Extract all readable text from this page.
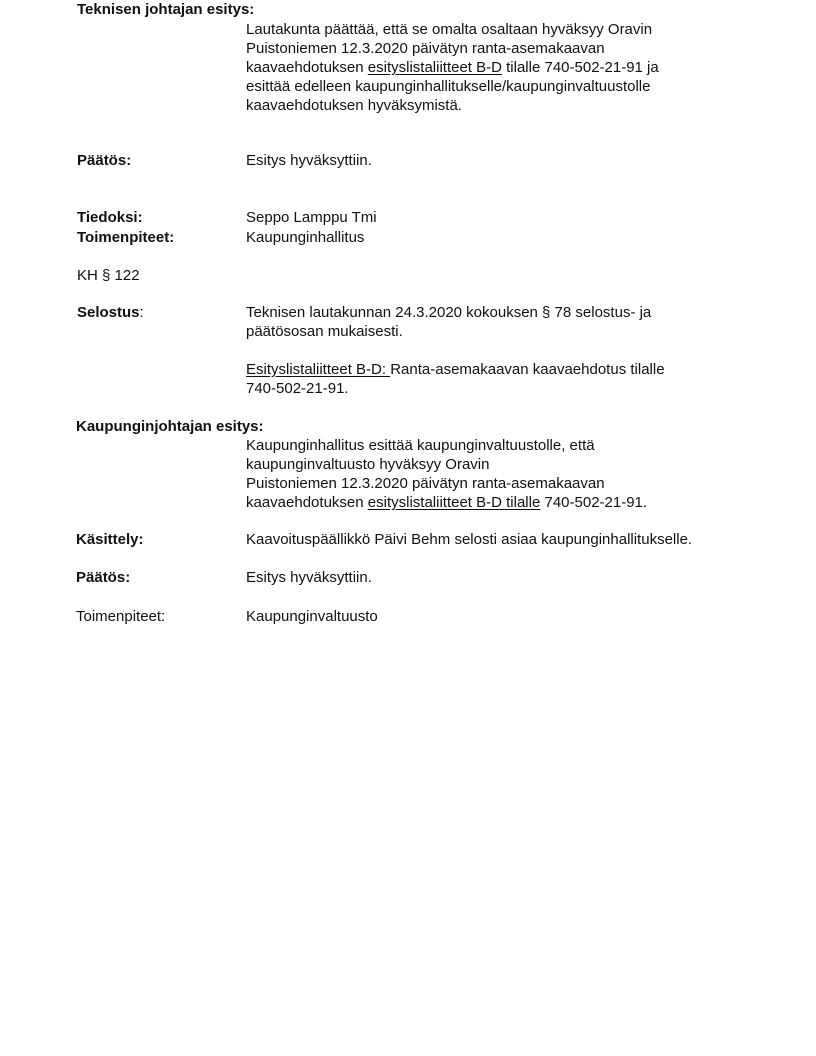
Teknisen johtajan esitys:
Lautakunta päättää, että se omalta osaltaan hyväksyy Oravin
Puistoniemen 12.3.2020 päivätyn ranta-asemakaavan
kaavaehdotuksen esityslistaliitteet B-D tilalle 740-502-21-91 ja
esittää edelleen kaupunginhallitukselle/kaupunginvaltuustolle
kaavaehdotuksen hyväksymistä.
Päätös:	Esitys hyväksyttiin.
Tiedoksi:	Seppo Lamppu Tmi
Toimenpiteet:	Kaupunginhallitus
KH § 122
Selostus:	Teknisen lautakunnan 24.3.2020 kokouksen § 78 selostus- ja
päätösosan mukaisesti.
Esityslistaliitteet B-D: Ranta-asemakaavan kaavaehdotus tilalle
740-502-21-91.
Kaupunginjohtajan esitys:
Kaupunginhallitus esittää kaupunginvaltuustolle, että
kaupunginvaltuusto hyväksyy Oravin
Puistoniemen 12.3.2020 päivätyn ranta-asemakaavan
kaavaehdotuksen esityslistaliitteet B-D tilalle 740-502-21-91.
Käsittely:	Kaavoituspäällikkö Päivi Behm selosti asiaa kaupunginhallitukselle.
Päätös:	Esitys hyväksyttiin.
Toimenpiteet:	Kaupunginvaltuusto
